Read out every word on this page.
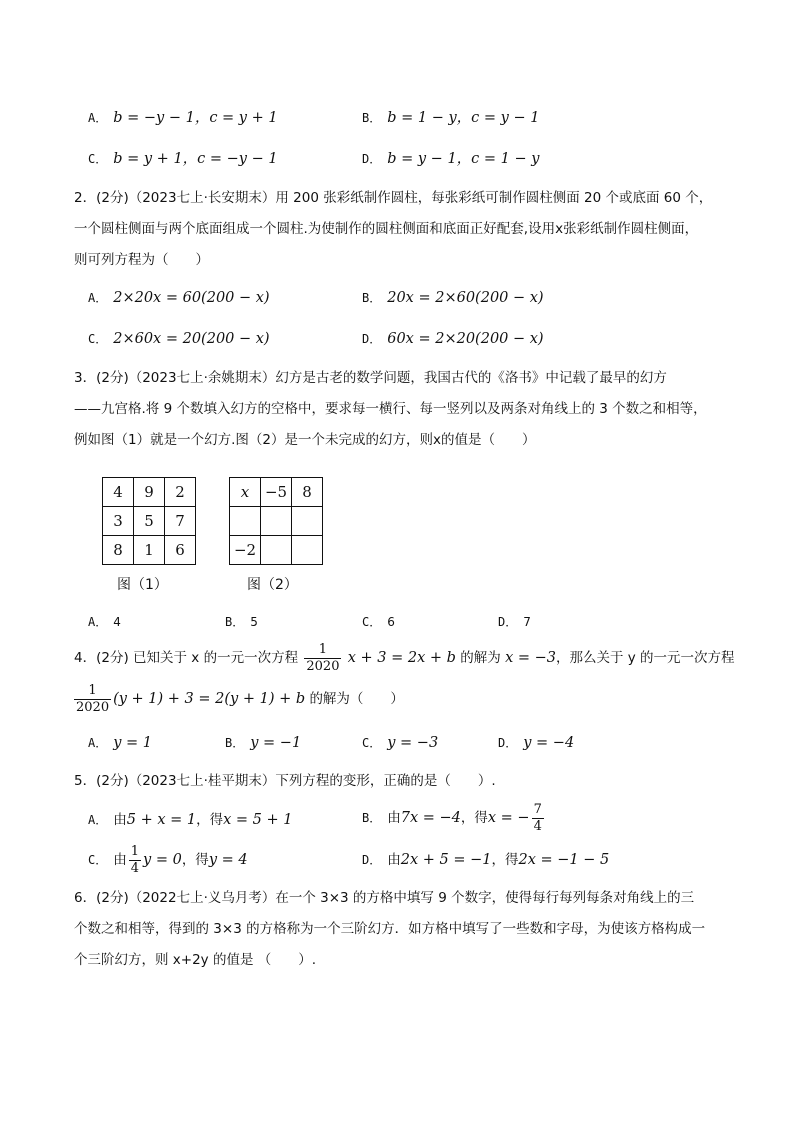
A． b = −y − 1，c = y + 1	B． b = 1 − y，c = y − 1
C． b = y + 1，c = −y − 1	D． b = y − 1，c = 1 − y
2．(2分)（2023七上·长安期末）用 200 张彩纸制作圆柱，每张彩纸可制作圆柱侧面 20 个或底面 60 个，
一个圆柱侧面与两个底面组成一个圆柱.为使制作的圆柱侧面和底面正好配套,设用x张彩纸制作圆柱侧面，
则可列方程为（　　）
A． 2×20x = 60(200 − x)	B． 20x = 2×60(200 − x)
C． 2×60x = 20(200 − x)	D． 60x = 2×20(200 − x)
3．(2分)（2023七上·余姚期末）幻方是古老的数学问题，我国古代的《洛书》中记载了最早的幻方
——九宫格.将 9 个数填入幻方的空格中，要求每一横行、每一竖列以及两条对角线上的 3 个数之和相等，
例如图（1）就是一个幻方.图（2）是一个未完成的幻方，则x的值是（　　）
4	9	2
3	5	7
8	1	6
图（1）
x	−5	8

−2		
图（2）
A． 4	B． 5	C． 6	D． 7
4．(2分) 已知关于 x 的一元一次方程 $\frac{1}{2020}$ x + 3 = 2x + b 的解为 x = −3，那么关于 y 的一元一次方程
$\frac{1}{2020} (y + 1) + 3 = 2(y + 1) + b$ 的解为（　　）
A． y = 1	B． y = −1	C． y = −3	D． y = −4
5．(2分)（2023七上·桂平期末）下列方程的变形，正确的是（　　）.
A． 由5 + x = 1，得x = 5 + 1	B． 由7x = −4，得x = − $\frac{7}{4}$
C． 由 $\frac{1}{4}$ y = 0，得y = 4	D． 由2x + 5 = −1，得2x = −1 − 5
6．(2分)（2022七上·义乌月考）在一个 3×3 的方格中填写 9 个数字，使得每行每列每条对角线上的三
个数之和相等，得到的 3×3 的方格称为一个三阶幻方．如方格中填写了一些数和字母，为使该方格构成一
个三阶幻方，则 x+2y 的值是 （　　）.
